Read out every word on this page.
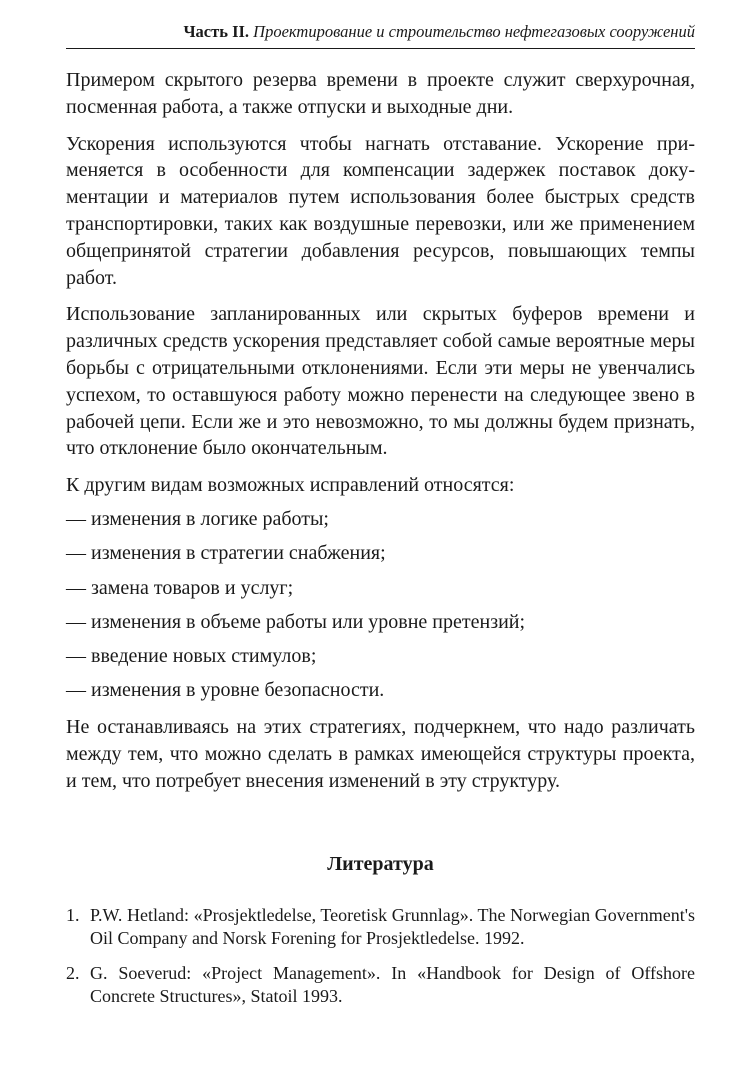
Часть II. Проектирование и строительство нефтегазовых сооружений

Примером скрытого резерва времени в проекте служит сверхурочная, посменная работа, а также отпуски и выходные дни.

Ускорения используются чтобы нагнать отставание. Ускорение применяется в особенности для компенсации задержек поставок документации и материалов путем использования более быстрых средств транспортировки, таких как воздушные перевозки, или же применением общепринятой стратегии добавления ресурсов, повышающих темпы работ.

Использование запланированных или скрытых буферов времени и различных средств ускорения представляет собой самые вероятные меры борьбы с отрицательными отклонениями. Если эти меры не увенчались успехом, то оставшуюся работу можно перенести на следующее звено в рабочей цепи. Если же и это невозможно, то мы должны будем признать, что отклонение было окончательным.

К другим видам возможных исправлений относятся:

— изменения в логике работы;
— изменения в стратегии снабжения;
— замена товаров и услуг;
— изменения в объеме работы или уровне претензий;
— введение новых стимулов;
— изменения в уровне безопасности.

Не останавливаясь на этих стратегиях, подчеркнем, что надо различать между тем, что можно сделать в рамках имеющейся структуры проекта, и тем, что потребует внесения изменений в эту структуру.

Литература
1. P.W. Hetland: «Prosjektledelse, Teoretisk Grunnlag». The Norwegian Government's Oil Company and Norsk Forening for Prosjektledelse. 1992.
2. G. Soeverud: «Project Management». In «Handbook for Design of Offshore Concrete Structures», Statoil 1993.
